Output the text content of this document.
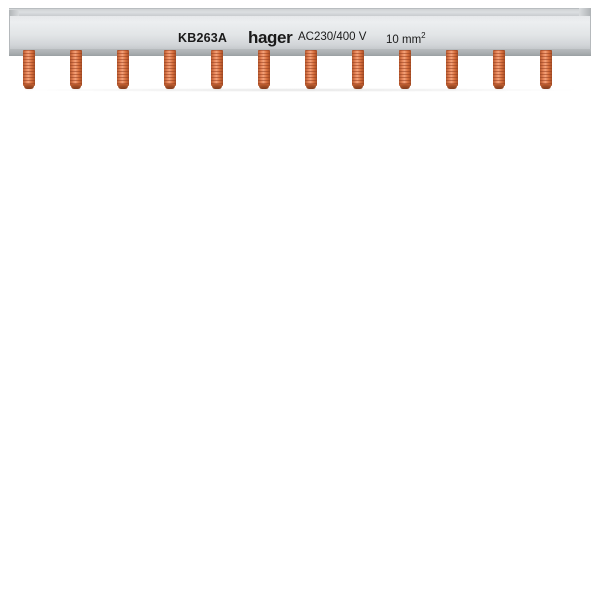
KB263A hager AC230/400 V 10 $mm^2$
